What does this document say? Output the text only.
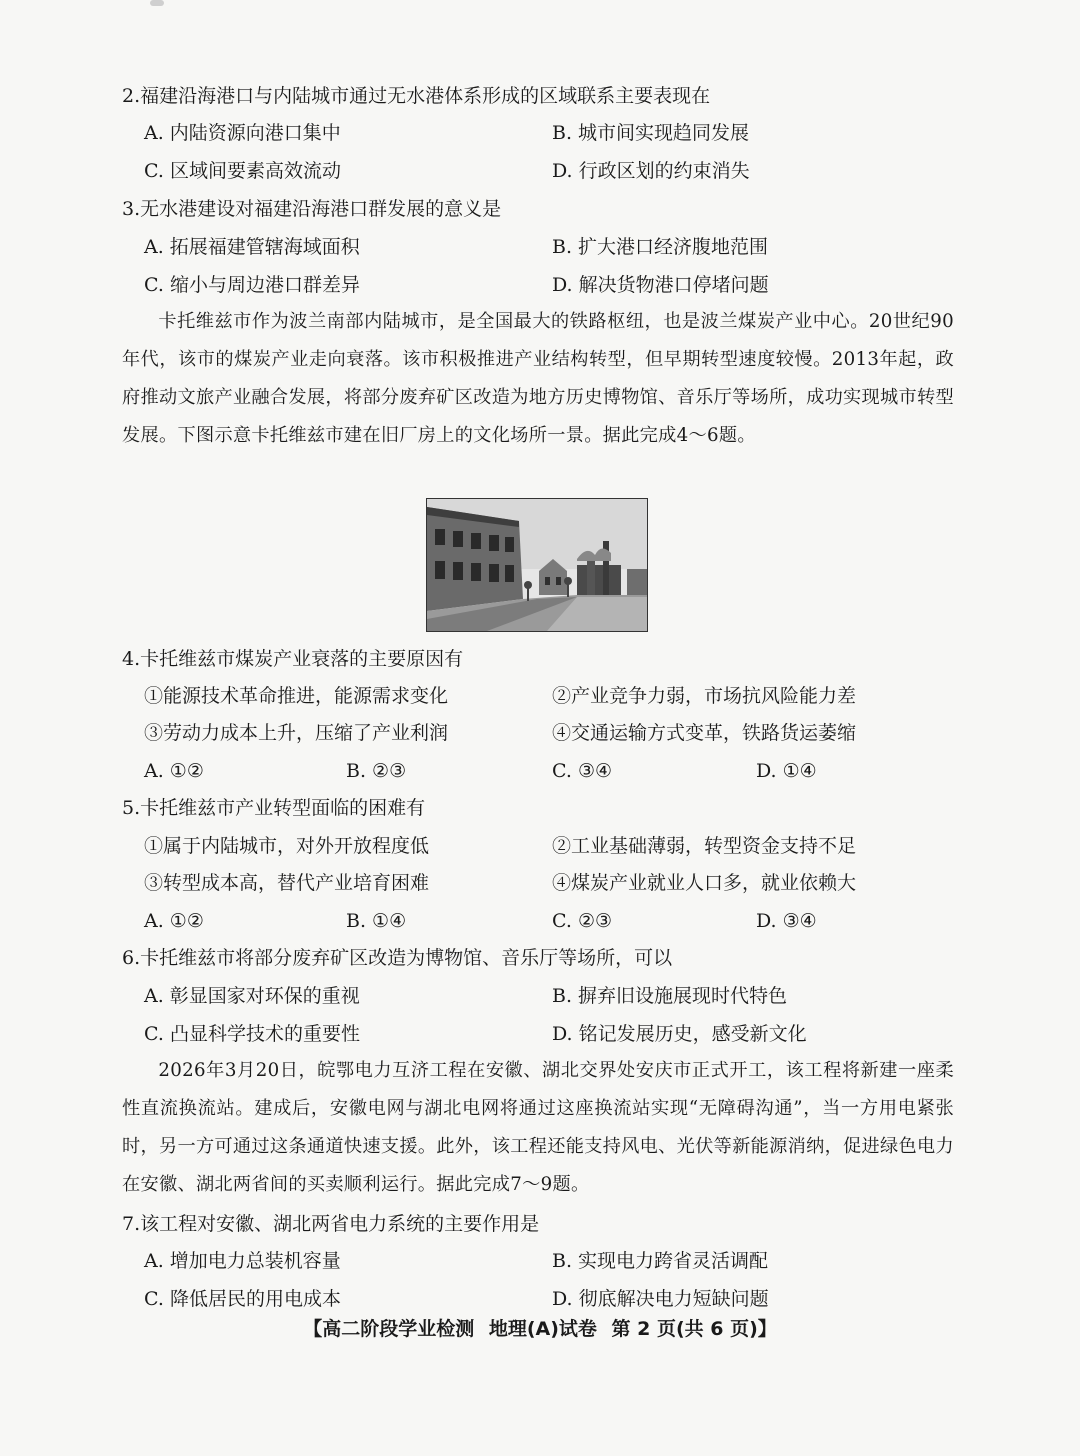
2.福建沿海港口与内陆城市通过无水港体系形成的区域联系主要表现在
A. 内陆资源向港口集中	B. 城市间实现趋同发展
C. 区域间要素高效流动	D. 行政区划的约束消失
3.无水港建设对福建沿海港口群发展的意义是
A. 拓展福建管辖海域面积	B. 扩大港口经济腹地范围
C. 缩小与周边港口群差异	D. 解决货物港口停堵问题
卡托维兹市作为波兰南部内陆城市，是全国最大的铁路枢纽，也是波兰煤炭产业中心。20世纪90年代，该市的煤炭产业走向衰落。该市积极推进产业结构转型，但早期转型速度较慢。2013年起，政府推动文旅产业融合发展，将部分废弃矿区改造为地方历史博物馆、音乐厅等场所，成功实现城市转型发展。下图示意卡托维兹市建在旧厂房上的文化场所一景。据此完成4～6题。
4.卡托维兹市煤炭产业衰落的主要原因有
①能源技术革命推进，能源需求变化	②产业竞争力弱，市场抗风险能力差
③劳动力成本上升，压缩了产业利润	④交通运输方式变革，铁路货运萎缩
A. ①②	B. ②③	C. ③④	D. ①④
5.卡托维兹市产业转型面临的困难有
①属于内陆城市，对外开放程度低	②工业基础薄弱，转型资金支持不足
③转型成本高，替代产业培育困难	④煤炭产业就业人口多，就业依赖大
A. ①②	B. ①④	C. ②③	D. ③④
6.卡托维兹市将部分废弃矿区改造为博物馆、音乐厅等场所，可以
A. 彰显国家对环保的重视	B. 摒弃旧设施展现时代特色
C. 凸显科学技术的重要性	D. 铭记发展历史，感受新文化
2026年3月20日，皖鄂电力互济工程在安徽、湖北交界处安庆市正式开工，该工程将新建一座柔性直流换流站。建成后，安徽电网与湖北电网将通过这座换流站实现“无障碍沟通”，当一方用电紧张时，另一方可通过这条通道快速支援。此外，该工程还能支持风电、光伏等新能源消纳，促进绿色电力在安徽、湖北两省间的买卖顺利运行。据此完成7～9题。
7.该工程对安徽、湖北两省电力系统的主要作用是
A. 增加电力总装机容量	B. 实现电力跨省灵活调配
C. 降低居民的用电成本	D. 彻底解决电力短缺问题
【高二阶段学业检测 地理(A)试卷 第 2 页(共 6 页)】
